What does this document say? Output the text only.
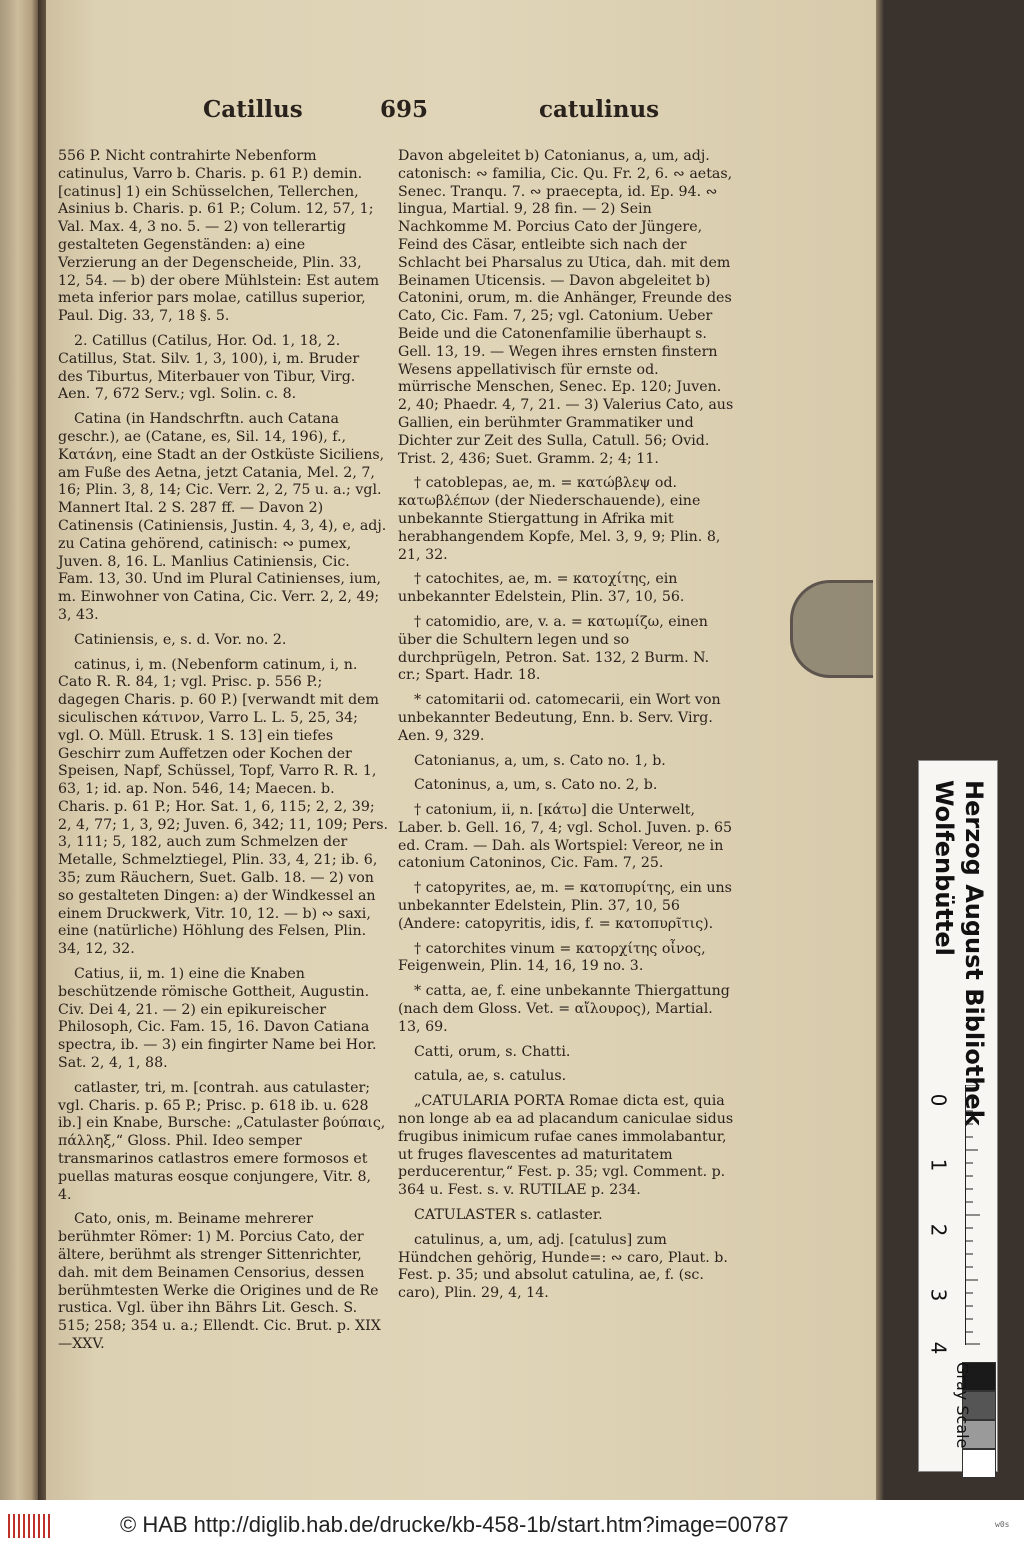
Catillus	695	catulinus

556 P. Nicht contrahirte Nebenform catinulus, Varro b. Charis. p. 61 P.) demin. [catinus] 1) ein Schüsselchen, Tellerchen, Asinius b. Charis. p. 61 P.; Colum. 12, 57, 1; Val. Max. 4, 3 no. 5. — 2) von tellerartig gestalteten Gegenständen: a) eine Verzierung an der Degenscheide, Plin. 33, 12, 54. — b) der obere Mühlstein: Est autem meta inferior pars molae, catillus superior, Paul. Dig. 33, 7, 18 §. 5.

2. Catillus (Catilus, Hor. Od. 1, 18, 2. Catillus, Stat. Silv. 1, 3, 100), i, m. Bruder des Tiburtus, Miterbauer von Tibur, Virg. Aen. 7, 672 Serv.; vgl. Solin. c. 8.

Catina (in Handschrftn. auch Catana geschr.), ae (Catane, es, Sil. 14, 196), f., Κατάνη, eine Stadt an der Ostküste Siciliens, am Fuße des Aetna, jetzt Catania, Mel. 2, 7, 16; Plin. 3, 8, 14; Cic. Verr. 2, 2, 75 u. a.; vgl. Mannert Ital. 2 S. 287 ff. — Davon 2) Catinensis (Catiniensis, Justin. 4, 3, 4), e, adj. zu Catina gehörend, catinisch: ∾ pumex, Juven. 8, 16. L. Manlius Catiniensis, Cic. Fam. 13, 30. Und im Plural Catinienses, ium, m. Einwohner von Catina, Cic. Verr. 2, 2, 49; 3, 43.

Catiniensis, e, s. d. Vor. no. 2.

catinus, i, m. (Nebenform catinum, i, n. Cato R. R. 84, 1; vgl. Prisc. p. 556 P.; dagegen Charis. p. 60 P.) [verwandt mit dem siculischen κάτινον, Varro L. L. 5, 25, 34; vgl. O. Müll. Etrusk. 1 S. 13] ein tiefes Geschirr zum Auffetzen oder Kochen der Speisen, Napf, Schüssel, Topf, Varro R. R. 1, 63, 1; id. ap. Non. 546, 14; Maecen. b. Charis. p. 61 P.; Hor. Sat. 1, 6, 115; 2, 2, 39; 2, 4, 77; 1, 3, 92; Juven. 6, 342; 11, 109; Pers. 3, 111; 5, 182, auch zum Schmelzen der Metalle, Schmelztiegel, Plin. 33, 4, 21; ib. 6, 35; zum Räuchern, Suet. Galb. 18. — 2) von so gestalteten Dingen: a) der Windkessel an einem Druckwerk, Vitr. 10, 12. — b) ∾ saxi, eine (natürliche) Höhlung des Felsen, Plin. 34, 12, 32.

Catius, ii, m. 1) eine die Knaben beschützende römische Gottheit, Augustin. Civ. Dei 4, 21. — 2) ein epikureischer Philosoph, Cic. Fam. 15, 16. Davon Catiana spectra, ib. — 3) ein fingirter Name bei Hor. Sat. 2, 4, 1, 88.

catlaster, tri, m. [contrah. aus catulaster; vgl. Charis. p. 65 P.; Prisc. p. 618 ib. u. 628 ib.] ein Knabe, Bursche: „Catulaster βούπαις, πάλληξ,“ Gloss. Phil. Ideo semper transmarinos catlastros emere formosos et puellas maturas eosque conjungere, Vitr. 8, 4.

Cato, onis, m. Beiname mehrerer berühmter Römer: 1) M. Porcius Cato, der ältere, berühmt als strenger Sittenrichter, dah. mit dem Beinamen Censorius, dessen berühmtesten Werke die Origines und de Re rustica. Vgl. über ihn Bährs Lit. Gesch. S. 515; 258; 354 u. a.; Ellendt. Cic. Brut. p. XIX—XXV.

Davon abgeleitet b) Catonianus, a, um, adj. catonisch: ∾ familia, Cic. Qu. Fr. 2, 6. ∾ aetas, Senec. Tranqu. 7. ∾ praecepta, id. Ep. 94. ∾ lingua, Martial. 9, 28 fin. — 2) Sein Nachkomme M. Porcius Cato der Jüngere, Feind des Cäsar, entleibte sich nach der Schlacht bei Pharsalus zu Utica, dah. mit dem Beinamen Uticensis. — Davon abgeleitet b) Catonini, orum, m. die Anhänger, Freunde des Cato, Cic. Fam. 7, 25; vgl. Catonium. Ueber Beide und die Catonenfamilie überhaupt s. Gell. 13, 19. — Wegen ihres ernsten finstern Wesens appellativisch für ernste od. mürrische Menschen, Senec. Ep. 120; Juven. 2, 40; Phaedr. 4, 7, 21. — 3) Valerius Cato, aus Gallien, ein berühmter Grammatiker und Dichter zur Zeit des Sulla, Catull. 56; Ovid. Trist. 2, 436; Suet. Gramm. 2; 4; 11.

† catoblepas, ae, m. = κατώβλεψ od. κατωβλέπων (der Niederschauende), eine unbekannte Stiergattung in Afrika mit herabhangendem Kopfe, Mel. 3, 9, 9; Plin. 8, 21, 32.

† catochites, ae, m. = κατοχίτης, ein unbekannter Edelstein, Plin. 37, 10, 56.

† catomidio, are, v. a. = κατωμίζω, einen über die Schultern legen und so durchprügeln, Petron. Sat. 132, 2 Burm. N. cr.; Spart. Hadr. 18.

* catomitarii od. catomecarii, ein Wort von unbekannter Bedeutung, Enn. b. Serv. Virg. Aen. 9, 329.

Catonianus, a, um, s. Cato no. 1, b.

Catoninus, a, um, s. Cato no. 2, b.

† catonium, ii, n. [κάτω] die Unterwelt, Laber. b. Gell. 16, 7, 4; vgl. Schol. Juven. p. 65 ed. Cram. — Dah. als Wortspiel: Vereor, ne in catonium Catoninos, Cic. Fam. 7, 25.

† catopyrites, ae, m. = κατοπυρίτης, ein uns unbekannter Edelstein, Plin. 37, 10, 56 (Andere: catopyritis, idis, f. = κατοπυρῖτις).

† catorchites vinum = κατορχίτης οἶνος, Feigenwein, Plin. 14, 16, 19 no. 3.

* catta, ae, f. eine unbekannte Thiergattung (nach dem Gloss. Vet. = αἴλουρος), Martial. 13, 69.

Catti, orum, s. Chatti.

catula, ae, s. catulus.

„CATULARIA PORTA Romae dicta est, quia non longe ab ea ad placandum caniculae sidus frugibus inimicum rufae canes immolabantur, ut fruges flavescentes ad maturitatem perducerentur,“ Fest. p. 35; vgl. Comment. p. 364 u. Fest. s. v. RUTILAE p. 234.

CATULASTER s. catlaster.

catulinus, a, um, adj. [catulus] zum Hündchen gehörig, Hunde=: ∾ caro, Plaut. b. Fest. p. 35; und absolut catulina, ae, f. (sc. caro), Plin. 29, 4, 14.

Herzog August Bibliothek
Wolfenbüttel
0
1
2
3
4
Gray Scale
© HAB http://diglib.hab.de/drucke/kb-458-1b/start.htm?image=00787	w0s
